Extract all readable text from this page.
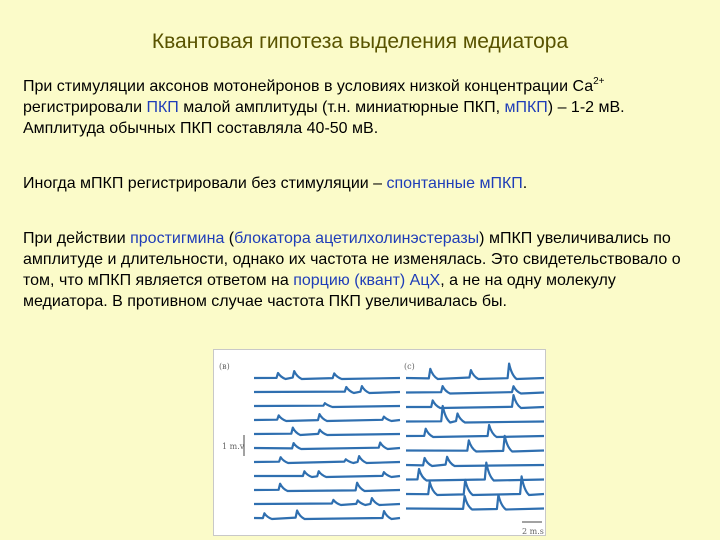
Квантовая гипотеза выделения медиатора

При стимуляции аксонов мотонейронов в условиях низкой концентрации $Са^{2+}$ регистрировали ПКП малой амплитуды (т.н. миниатюрные ПКП, мПКП) – 1-2 мВ. Амплитуда обычных ПКП составляла 40-50 мВ.

Иногда мПКП регистрировали без стимуляции – спонтанные мПКП.

При действии простигмина (блокатора ацетилхолинэстеразы) мПКП увеличивались по амплитуде и длительности, однако их частота не изменялась. Это свидетельствовало о том, что мПКП является ответом на порцию (квант) АцХ, а не на одну молекулу медиатора. В противном случае частота ПКП увеличивалась бы.

(в)	(с)
1 m.v
2 m.s
